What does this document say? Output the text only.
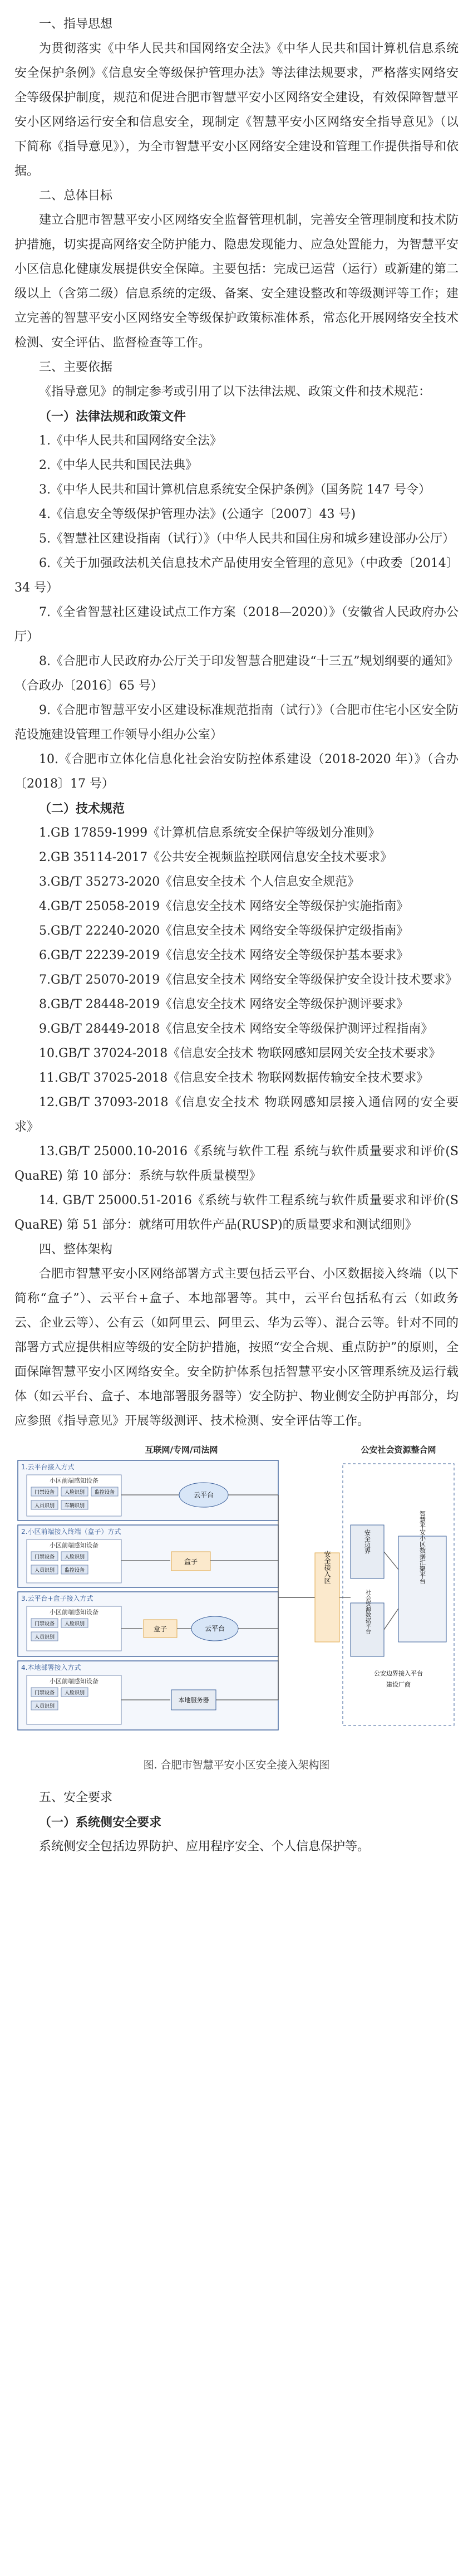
一、指导思想

为贯彻落实《中华人民共和国网络安全法》《中华人民共和国计算机信息系统安全保护条例》《信息安全等级保护管理办法》等法律法规要求，严格落实网络安全等级保护制度，规范和促进合肥市智慧平安小区网络安全建设，有效保障智慧平安小区网络运行安全和信息安全，现制定《智慧平安小区网络安全指导意见》（以下简称《指导意见》），为全市智慧平安小区网络安全建设和管理工作提供指导和依据。

二、总体目标

建立合肥市智慧平安小区网络安全监督管理机制，完善安全管理制度和技术防护措施，切实提高网络安全防护能力、隐患发现能力、应急处置能力，为智慧平安小区信息化健康发展提供安全保障。主要包括：完成已运营（运行）或新建的第二级以上（含第二级）信息系统的定级、备案、安全建设整改和等级测评等工作；建立完善的智慧平安小区网络安全等级保护政策标准体系，常态化开展网络安全技术检测、安全评估、监督检查等工作。

三、主要依据

《指导意见》的制定参考或引用了以下法律法规、政策文件和技术规范：

（一）法律法规和政策文件

1.《中华人民共和国网络安全法》

2.《中华人民共和国民法典》

3.《中华人民共和国计算机信息系统安全保护条例》（国务院 147 号令）

4.《信息安全等级保护管理办法》(公通字〔2007〕43 号)

5.《智慧社区建设指南（试行）》（中华人民共和国住房和城乡建设部办公厅）

6.《关于加强政法机关信息技术产品使用安全管理的意见》（中政委〔2014〕34 号）

7.《全省智慧社区建设试点工作方案（2018—2020）》（安徽省人民政府办公厅）

8.《合肥市人民政府办公厅关于印发智慧合肥建设“十三五”规划纲要的通知》（合政办〔2016〕65 号）

9.《合肥市智慧平安小区建设标准规范指南（试行）》（合肥市住宅小区安全防范设施建设管理工作领导小组办公室）

10.《合肥市立体化信息化社会治安防控体系建设（2018-2020 年）》（合办〔2018〕17 号）

（二）技术规范

1.GB 17859-1999《计算机信息系统安全保护等级划分准则》

2.GB 35114-2017《公共安全视频监控联网信息安全技术要求》

3.GB/T 35273-2020《信息安全技术 个人信息安全规范》

4.GB/T 25058-2019《信息安全技术 网络安全等级保护实施指南》

5.GB/T 22240-2020《信息安全技术 网络安全等级保护定级指南》

6.GB/T 22239-2019《信息安全技术 网络安全等级保护基本要求》

7.GB/T 25070-2019《信息安全技术 网络安全等级保护安全设计技术要求》

8.GB/T 28448-2019《信息安全技术 网络安全等级保护测评要求》

9.GB/T 28449-2018《信息安全技术 网络安全等级保护测评过程指南》

10.GB/T 37024-2018《信息安全技术 物联网感知层网关安全技术要求》

11.GB/T 37025-2018《信息安全技术 物联网数据传输安全技术要求》

12.GB/T 37093-2018《信息安全技术 物联网感知层接入通信网的安全要求》

13.GB/T 25000.10-2016《系统与软件工程 系统与软件质量要求和评价(SQuaRE) 第 10 部分：系统与软件质量模型》

14. GB/T 25000.51-2016《系统与软件工程系统与软件质量要求和评价(SQuaRE) 第 51 部分：就绪可用软件产品(RUSP)的质量要求和测试细则》

四、整体架构

合肥市智慧平安小区网络部署方式主要包括云平台、小区数据接入终端（以下简称“盒子”）、云平台+盒子、本地部署等。其中，云平台包括私有云（如政务云、企业云等）、公有云（如阿里云、阿里云、华为云等）、混合云等。针对不同的部署方式应提供相应等级的安全防护措施，按照“安全合规、重点防护”的原则，全面保障智慧平安小区网络安全。安全防护体系包括智慧平安小区管理系统及运行载体（如云平台、盒子、本地部署服务器等）安全防护、物业侧安全防护再部分，均应参照《指导意见》开展等级测评、技术检测、安全评估等工作。

互联网/专网/司法网	公安社会资源整合网
1.云平台接入方式
小区前端感知设备
门禁设备 人脸识别 监控设备
人员识别 车辆识别
云平台
2.小区前端接入终端（盒子）方式
小区前端感知设备
门禁设备 人脸识别
人员识别 监控设备
盒子
3.云平台+盒子接入方式
小区前端感知设备
门禁设备 人脸识别
人员识别
盒子	云平台
4.本地部署接入方式
小区前端感知设备
门禁设备 人脸识别
人员识别
本地服务器
安全接入区
安全边界
社会资源数据平台
智慧平安小区数据汇聚平台
公安边界接入平台
建设厂商

图. 合肥市智慧平安小区安全接入架构图

五、安全要求

（一）系统侧安全要求

系统侧安全包括边界防护、应用程序安全、个人信息保护等。
